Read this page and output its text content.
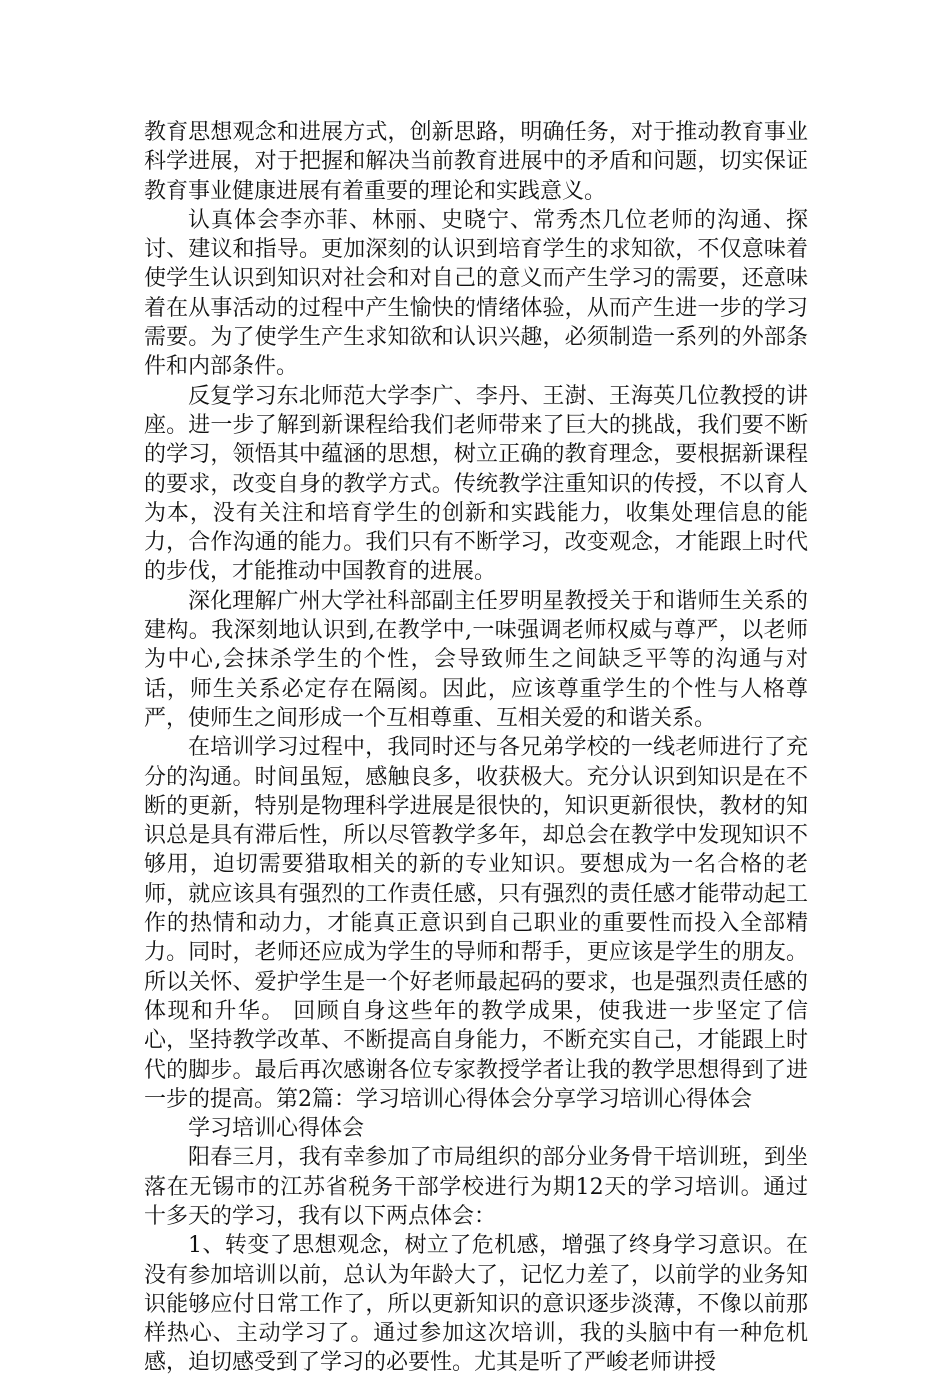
教育思想观念和进展方式，创新思路，明确任务，对于推动教育事业科学进展，对于把握和解决当前教育进展中的矛盾和问题，切实保证教育事业健康进展有着重要的理论和实践意义。

认真体会李亦菲、林丽、史晓宁、常秀杰几位老师的沟通、探讨、建议和指导。更加深刻的认识到培育学生的求知欲，不仅意味着使学生认识到知识对社会和对自己的意义而产生学习的需要，还意味着在从事活动的过程中产生愉快的情绪体验，从而产生进一步的学习需要。为了使学生产生求知欲和认识兴趣，必须制造一系列的外部条件和内部条件。

反复学习东北师范大学李广、李丹、王澍、王海英几位教授的讲座。进一步了解到新课程给我们老师带来了巨大的挑战，我们要不断的学习，领悟其中蕴涵的思想，树立正确的教育理念，要根据新课程的要求，改变自身的教学方式。传统教学注重知识的传授，不以育人为本，没有关注和培育学生的创新和实践能力，收集处理信息的能力，合作沟通的能力。我们只有不断学习，改变观念，才能跟上时代的步伐，才能推动中国教育的进展。

深化理解广州大学社科部副主任罗明星教授关于和谐师生关系的建构。我深刻地认识到,在教学中,一味强调老师权威与尊严，以老师为中心,会抹杀学生的个性，会导致师生之间缺乏平等的沟通与对话，师生关系必定存在隔阂。因此，应该尊重学生的个性与人格尊严，使师生之间形成一个互相尊重、互相关爱的和谐关系。

在培训学习过程中，我同时还与各兄弟学校的一线老师进行了充分的沟通。时间虽短，感触良多，收获极大。充分认识到知识是在不断的更新，特别是物理科学进展是很快的，知识更新很快，教材的知识总是具有滞后性，所以尽管教学多年，却总会在教学中发现知识不够用，迫切需要猎取相关的新的专业知识。要想成为一名合格的老师，就应该具有强烈的工作责任感，只有强烈的责任感才能带动起工作的热情和动力，才能真正意识到自己职业的重要性而投入全部精力。同时，老师还应成为学生的导师和帮手，更应该是学生的朋友。所以关怀、爱护学生是一个好老师最起码的要求，也是强烈责任感的体现和升华。 回顾自身这些年的教学成果，使我进一步坚定了信心，坚持教学改革、不断提高自身能力，不断充实自己，才能跟上时代的脚步。最后再次感谢各位专家教授学者让我的教学思想得到了进一步的提高。第2篇：学习培训心得体会分享学习培训心得体会

学习培训心得体会

阳春三月，我有幸参加了市局组织的部分业务骨干培训班，到坐落在无锡市的江苏省税务干部学校进行为期12天的学习培训。通过十多天的学习，我有以下两点体会：

1、转变了思想观念，树立了危机感，增强了终身学习意识。在没有参加培训以前，总认为年龄大了，记忆力差了，以前学的业务知识能够应付日常工作了，所以更新知识的意识逐步淡薄，不像以前那样热心、主动学习了。通过参加这次培训，我的头脑中有一种危机感，迫切感受到了学习的必要性。尤其是听了严峻老师讲授
